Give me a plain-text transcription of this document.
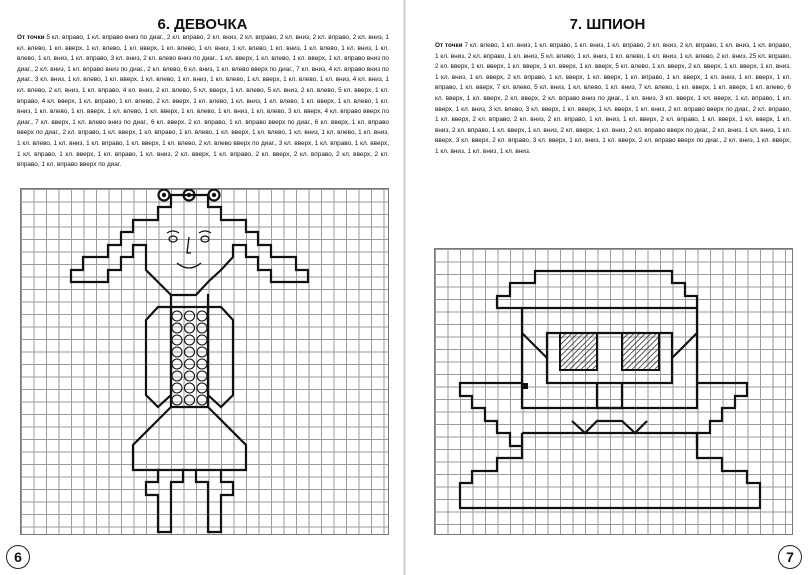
6. ДЕВОЧКА
От точки 5 кл. вправо, 1 кл. вправо вниз по диаг., 2 кл. вправо, 2 кл. вниз, 2 кл. вправо, 2 кл. вниз, 2 кл. вправо, 2 кл. вниз, 1 кл. влево, 1 кл. вверх, 1 кл. влево, 1 кл. вверх, 1 кл. влево, 1 кл. вниз, 1 кл. влево, 1 кл. вниз, 1 кл. влево, 1 кл. вниз, 1 кл. влево, 1 кл. вниз, 1 кл. вправо, 3 кл. вниз, 2 кл. влево вниз по диаг., 1 кл. вверх, 1 кл. влево, 1 кл. вверх, 1 кл. вправо вниз по диаг., 2 кл. вниз, 1 кл. вправо вниз по диаг., 2 кл. влево, 6 кл. вниз, 1 кл. влево вверх по диаг., 7 кл. вниз, 4 кл. вправо вниз по диаг., 3 кл. вниз, 1 кл. влево, 1 кл. вверх, 1 кл. влево, 1 кл. вниз, 1 кл. влево, 1 кл. вверх, 1 кл. влево, 1 кл. вниз, 4 кл. вниз, 1 кл. влево, 2 кл. вниз, 1 кл. вправо, 4 кл. вниз, 2 кл. влево, 5 кл. вверх, 1 кл. влево, 5 кл. вниз, 2 кл. влево, 5 кл. вверх, 1 кл. вправо, 4 кл. вверх, 1 кл. вправо, 1 кл. влево, 2 кл. вверх, 1 кл. влево, 1 кл. вниз, 1 кл. влево, 1 кл. вверх, 1 кл. влево, 1 кл. вниз, 1 кл. влево, 1 кл. вверх, 1 кл. влево, 1 кл. вверх, 1 кл. влево, 1 кл. вниз, 1 кл. влево, 3 кл. вверх, 4 кл. вправо вверх по диаг., 7 кл. вверх, 1 кл. влево вниз по диаг., 6 кл. вверх, 2 кл. вправо, 1 кл. вправо вверх по диаг., 6 кл. вверх, 1 кл. вправо вверх по диаг., 2 кл. вправо, 1 кл. вверх, 1 кл. вправо, 1 кл. влево, 1 кл. вверх, 1 кл. влево, 1 кл. вниз, 1 кл. влево, 1 кл. вниз, 1 кл. влево, 1 кл. вниз, 1 кл. вправо, 1 кл. вверх, 1 кл. влево, 2 кл. влево вверх по диаг., 3 кл. вверх, 1 кл. вправо, 1 кл. вверх, 1 кл. вправо, 1 кл. вверх, 1 кл. вправо, 1 кл. вниз, 2 кл. вверх, 1 кл. вправо, 2 кл. вверх, 2 кл. вправо, 2 кл. вверх, 2 кл. вправо, 1 кл. вправо вверх по диаг.
6
7. ШПИОН
От точки 7 кл. влево, 1 кл. вниз, 1 кл. вправо, 1 кл. вниз, 1 кл. вправо, 2 кл. вниз, 2 кл. вправо, 1 кл. вниз, 1 кл. вправо, 1 кл. вниз, 2 кл. вправо, 1 кл. вниз, 5 кл. влево, 1 кл. вниз, 1 кл. влево, 1 кл. вниз, 1 кл. влево, 2 кл. вниз, 25 кл. вправо, 2 кл. вверх, 1 кл. вверх, 1 кл. вверх, 1 кл. вверх, 1 кл. вверх, 5 кл. влево, 1 кл. вверх, 2 кл. вверх, 1 кл. вверх, 1 кл. вниз, 1 кл. вниз, 1 кл. вверх, 2 кл. вправо, 1 кл. вверх, 1 кл. вверх, 1 кл. вправо, 1 кл. вверх, 1 кл. вниз, 1 кл. вверх, 1 кл. вправо, 1 кл. вверх, 7 кл. влево, 5 кл. вниз, 1 кл. влево, 1 кл. вниз, 7 кл. влево, 1 кл. вверх, 1 кл. вверх, 1 кл. влево, 6 кл. вверх, 1 кл. вверх, 2 кл. вверх, 2 кл. вправо вниз по диаг., 1 кл. вниз, 3 кл. вверх, 1 кл. вверх, 1 кл. вправо, 1 кл. вверх, 1 кл. вниз, 3 кл. влево, 3 кл. вверх, 1 кл. вверх, 1 кл. вверх, 1 кл. вниз, 2 кл. вправо вверх по диаг., 2 кл. вправо, 1 кл. вверх, 2 кл. вправо, 2 кл. вниз, 2 кл. вправо, 1 кл. вниз, 1 кл. вверх, 2 кл. вправо, 1 кл. вверх, 1 кл. вверх, 1 кл. вниз, 2 кл. вправо, 1 кл. вверх, 1 кл. вниз, 2 кл. вверх, 1 кл. вниз, 2 кл. вправо вверх по диаг., 2 кл. вниз, 1 кл. вниз, 1 кл. вверх, 3 кл. вверх, 2 кл. вправо, 3 кл. вверх, 1 кл. вниз, 1 кл. вверх, 2 кл. вправо вверх по диаг., 2 кл. вниз, 1 кл. вверх, 1 кл. вниз, 1 кл. вниз, 1 кл. вниз.
7
